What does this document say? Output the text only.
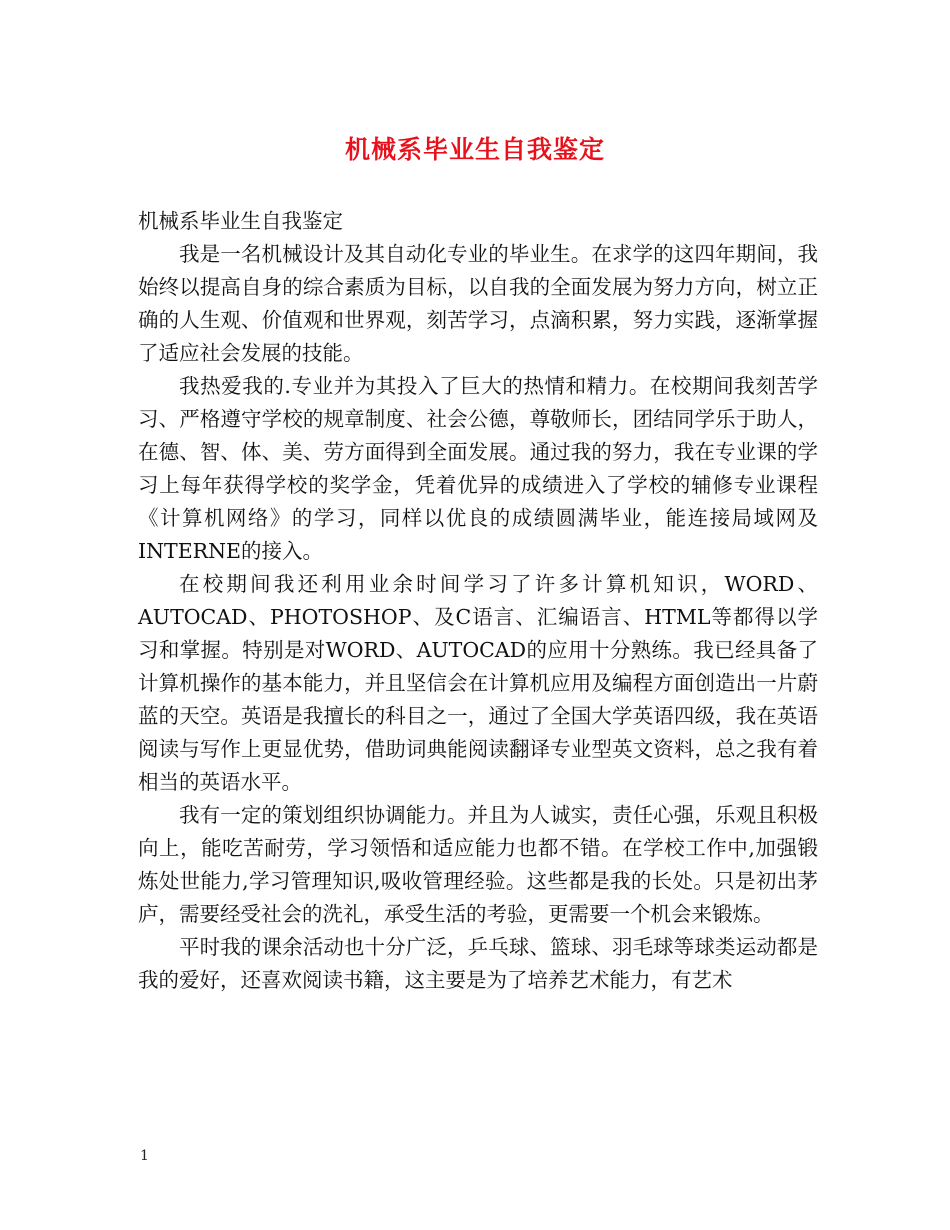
机械系毕业生自我鉴定

机械系毕业生自我鉴定

我是一名机械设计及其自动化专业的毕业生。在求学的这四年期间，我始终以提高自身的综合素质为目标，以自我的全面发展为努力方向，树立正确的人生观、价值观和世界观，刻苦学习，点滴积累，努力实践，逐渐掌握了适应社会发展的技能。

我热爱我的.专业并为其投入了巨大的热情和精力。在校期间我刻苦学习、严格遵守学校的规章制度、社会公德，尊敬师长，团结同学乐于助人，在德、智、体、美、劳方面得到全面发展。通过我的努力，我在专业课的学习上每年获得学校的奖学金，凭着优异的成绩进入了学校的辅修专业课程《计算机网络》的学习，同样以优良的成绩圆满毕业，能连接局域网及INTERNE的接入。

在校期间我还利用业余时间学习了许多计算机知识，WORD、AUTOCAD、PHOTOSHOP、及C语言、汇编语言、HTML等都得以学习和掌握。特别是对WORD、AUTOCAD的应用十分熟练。我已经具备了计算机操作的基本能力，并且坚信会在计算机应用及编程方面创造出一片蔚蓝的天空。英语是我擅长的科目之一，通过了全国大学英语四级，我在英语阅读与写作上更显优势，借助词典能阅读翻译专业型英文资料，总之我有着相当的英语水平。

我有一定的策划组织协调能力。并且为人诚实，责任心强，乐观且积极向上，能吃苦耐劳，学习领悟和适应能力也都不错。在学校工作中,加强锻炼处世能力,学习管理知识,吸收管理经验。这些都是我的长处。只是初出茅庐，需要经受社会的洗礼，承受生活的考验，更需要一个机会来锻炼。

平时我的课余活动也十分广泛，乒乓球、篮球、羽毛球等球类运动都是我的爱好，还喜欢阅读书籍，这主要是为了培养艺术能力，有艺术

1
